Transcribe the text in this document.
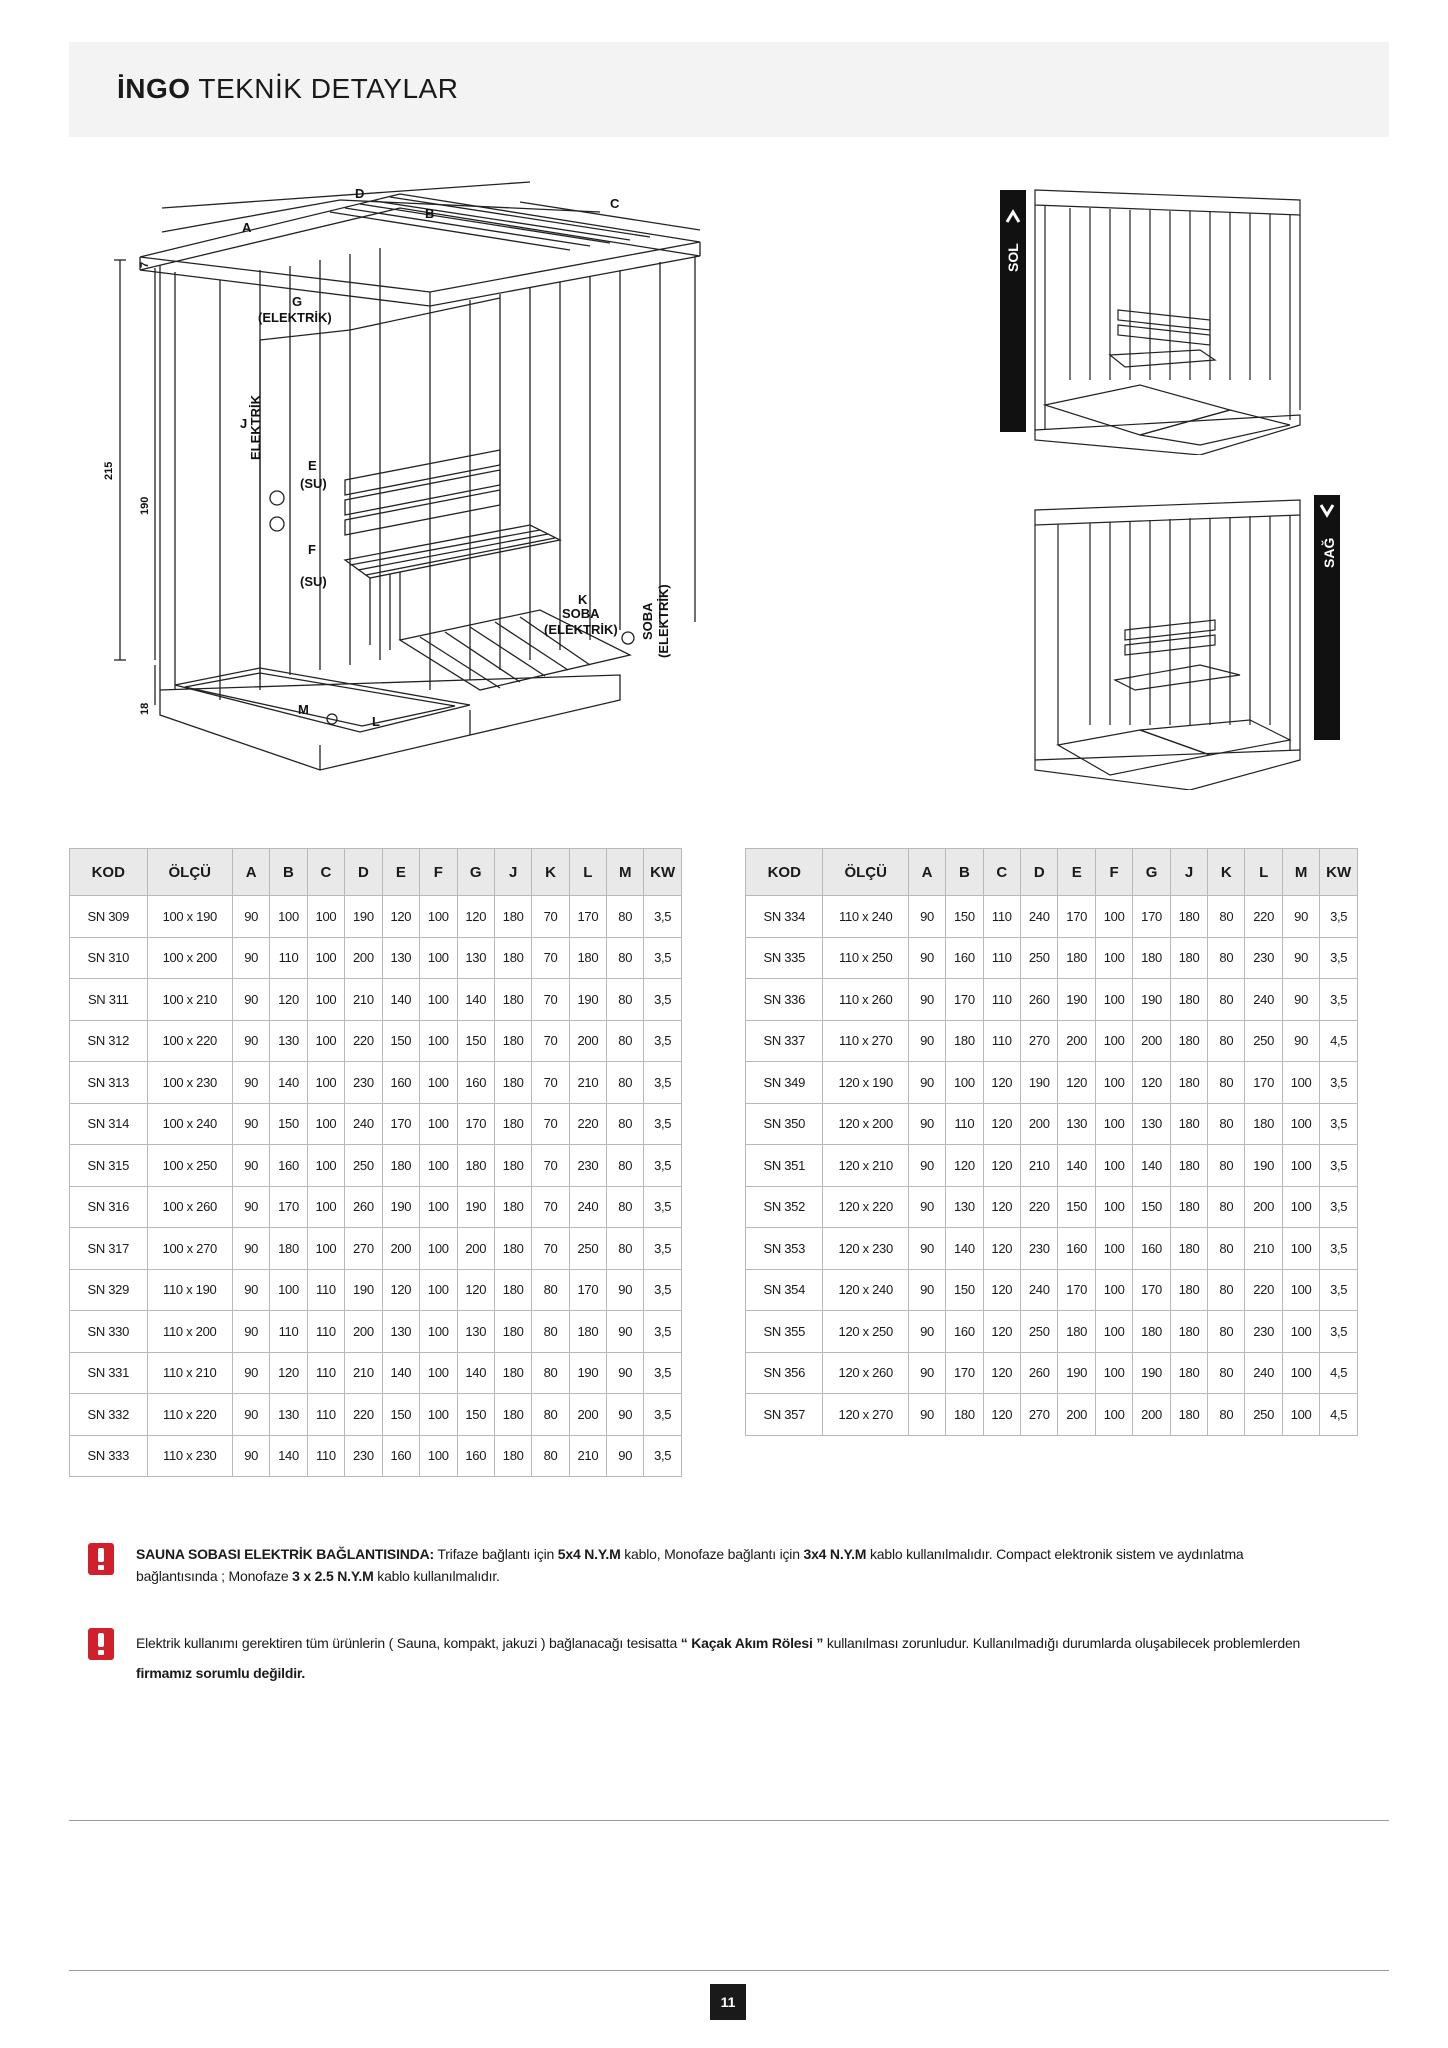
İNGO TEKNİK DETAYLAR
D
A
B
C
G
(ELEKTRİK)
J ELEKTRİK
E
(SU)
F
(SU)
K
SOBA
(ELEKTRİK) SOBA (ELEKTRİK)
M
L
215
190
7
18
SOL
SAĞ
KOD	ÖLÇÜ	A	B	C	D	E	F	G	J	K	L	M	KW
SN 309	100 x 190	90	100	100	190	120	100	120	180	70	170	80	3,5
SN 310	100 x 200	90	110	100	200	130	100	130	180	70	180	80	3,5
SN 311	100 x 210	90	120	100	210	140	100	140	180	70	190	80	3,5
SN 312	100 x 220	90	130	100	220	150	100	150	180	70	200	80	3,5
SN 313	100 x 230	90	140	100	230	160	100	160	180	70	210	80	3,5
SN 314	100 x 240	90	150	100	240	170	100	170	180	70	220	80	3,5
SN 315	100 x 250	90	160	100	250	180	100	180	180	70	230	80	3,5
SN 316	100 x 260	90	170	100	260	190	100	190	180	70	240	80	3,5
SN 317	100 x 270	90	180	100	270	200	100	200	180	70	250	80	3,5
SN 329	110 x 190	90	100	110	190	120	100	120	180	80	170	90	3,5
SN 330	110 x 200	90	110	110	200	130	100	130	180	80	180	90	3,5
SN 331	110 x 210	90	120	110	210	140	100	140	180	80	190	90	3,5
SN 332	110 x 220	90	130	110	220	150	100	150	180	80	200	90	3,5
SN 333	110 x 230	90	140	110	230	160	100	160	180	80	210	90	3,5
KOD	ÖLÇÜ	A	B	C	D	E	F	G	J	K	L	M	KW
SN 334	110 x 240	90	150	110	240	170	100	170	180	80	220	90	3,5
SN 335	110 x 250	90	160	110	250	180	100	180	180	80	230	90	3,5
SN 336	110 x 260	90	170	110	260	190	100	190	180	80	240	90	3,5
SN 337	110 x 270	90	180	110	270	200	100	200	180	80	250	90	4,5
SN 349	120 x 190	90	100	120	190	120	100	120	180	80	170	100	3,5
SN 350	120 x 200	90	110	120	200	130	100	130	180	80	180	100	3,5
SN 351	120 x 210	90	120	120	210	140	100	140	180	80	190	100	3,5
SN 352	120 x 220	90	130	120	220	150	100	150	180	80	200	100	3,5
SN 353	120 x 230	90	140	120	230	160	100	160	180	80	210	100	3,5
SN 354	120 x 240	90	150	120	240	170	100	170	180	80	220	100	3,5
SN 355	120 x 250	90	160	120	250	180	100	180	180	80	230	100	3,5
SN 356	120 x 260	90	170	120	260	190	100	190	180	80	240	100	4,5
SN 357	120 x 270	90	180	120	270	200	100	200	180	80	250	100	4,5

SAUNA SOBASI ELEKTRİK BAĞLANTISINDA: Trifaze bağlantı için 5x4 N.Y.M kablo, Monofaze bağlantı için 3x4 N.Y.M kablo kullanılmalıdır. Compact elektronik sistem ve aydınlatma bağlantısında ; Monofaze 3 x 2.5 N.Y.M kablo kullanılmalıdır.

Elektrik kullanımı gerektiren tüm ürünlerin ( Sauna, kompakt, jakuzi ) bağlanacağı tesisatta “ Kaçak Akım Rölesi ” kullanılması zorunludur. Kullanılmadığı durumlarda oluşabilecek problemlerden firmamız sorumlu değildir.

11
